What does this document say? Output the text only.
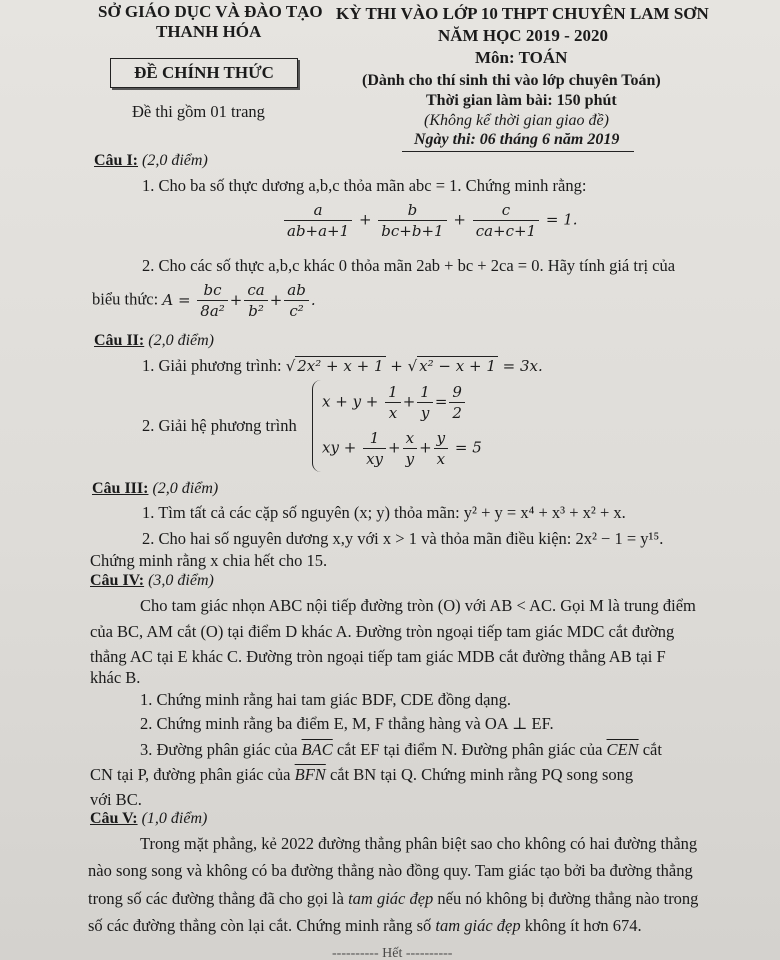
SỞ GIÁO DỤC VÀ ĐÀO TẠO
THANH HÓA
ĐỀ CHÍNH THỨC
Đề thi gồm 01 trang
KỲ THI VÀO LỚP 10 THPT CHUYÊN LAM SƠN
NĂM HỌC 2019 - 2020
Môn: TOÁN
(Dành cho thí sinh thi vào lớp chuyên Toán)
Thời gian làm bài: 150 phút
(Không kể thời gian giao đề)
Ngày thi: 06 tháng 6 năm 2019
Câu I: (2,0 điểm)
1. Cho ba số thực dương a,b,c thỏa mãn abc = 1. Chứng minh rằng:
$\frac{a}{ab+a+1} + \frac{b}{bc+b+1} + \frac{c}{ca+c+1} = 1$.
2. Cho các số thực a,b,c khác 0 thỏa mãn 2ab + bc + 2ca = 0. Hãy tính giá trị của
biểu thức: $A = \frac{bc}{\text{8a²}} + \frac{ca}{\text{b²}} + \frac{ab}{\text{c²}}$ .
Câu II: (2,0 điểm)
1. Giải phương trình: √ 2x² + x + 1 + √ x² − x + 1 = 3x.
2. Giải hệ phương trình
$x + y + \frac{1}{x} + \frac{1}{y} = \frac{9}{2}$
xy + $\frac{1}{xy} + \frac{x}{y} + \frac{y}{x} = 5$
Câu III: (2,0 điểm)
1. Tìm tất cả các cặp số nguyên (x; y) thỏa mãn: y² + y = x⁴ + x³ + x² + x.
2. Cho hai số nguyên dương x,y với x > 1 và thỏa mãn điều kiện: 2x² − 1 = y¹⁵.
Chứng minh rằng x chia hết cho 15.
Câu IV: (3,0 điểm)
Cho tam giác nhọn ABC nội tiếp đường tròn (O) với AB < AC. Gọi M là trung điểm
của BC, AM cắt (O) tại điểm D khác A. Đường tròn ngoại tiếp tam giác MDC cắt đường
thẳng AC tại E khác C. Đường tròn ngoại tiếp tam giác MDB cắt đường thẳng AB tại F
khác B.
1. Chứng minh rằng hai tam giác BDF, CDE đồng dạng.
2. Chứng minh rằng ba điểm E, M, F thẳng hàng và OA ⊥ EF.
3. Đường phân giác của $\overline{BAC}$ cắt EF tại điểm N. Đường phân giác của $\overline{CEN}$ cắt
CN tại P, đường phân giác của $\overline{BFN}$ cắt BN tại Q. Chứng minh rằng PQ song song
với BC.
Câu V: (1,0 điểm)
Trong mặt phẳng, kẻ 2022 đường thẳng phân biệt sao cho không có hai đường thẳng
nào song song và không có ba đường thẳng nào đồng quy. Tam giác tạo bởi ba đường thẳng
trong số các đường thẳng đã cho gọi là tam giác đẹp nếu nó không bị đường thẳng nào trong
số các đường thẳng còn lại cắt. Chứng minh rằng số tam giác đẹp không ít hơn 674.
---------- Hết ----------
